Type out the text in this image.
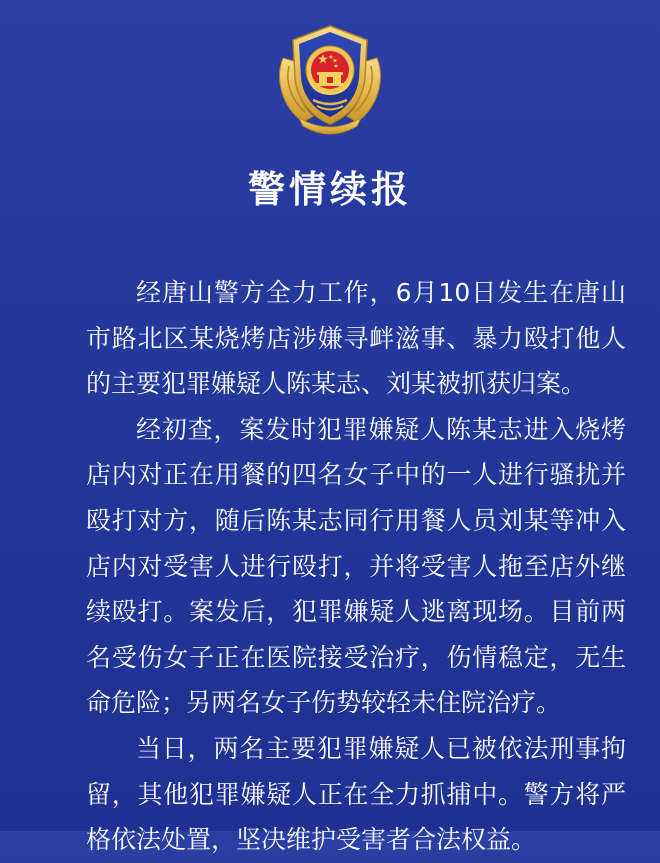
警情续报

经唐山警方全力工作，6月10日发生在唐山市路北区某烧烤店涉嫌寻衅滋事、暴力殴打他人的主要犯罪嫌疑人陈某志、刘某被抓获归案。

经初查，案发时犯罪嫌疑人陈某志进入烧烤店内对正在用餐的四名女子中的一人进行骚扰并殴打对方，随后陈某志同行用餐人员刘某等冲入店内对受害人进行殴打，并将受害人拖至店外继续殴打。案发后，犯罪嫌疑人逃离现场。目前两名受伤女子正在医院接受治疗，伤情稳定，无生命危险；另两名女子伤势较轻未住院治疗。

当日，两名主要犯罪嫌疑人已被依法刑事拘留，其他犯罪嫌疑人正在全力抓捕中。警方将严格依法处置，坚决维护受害者合法权益。
